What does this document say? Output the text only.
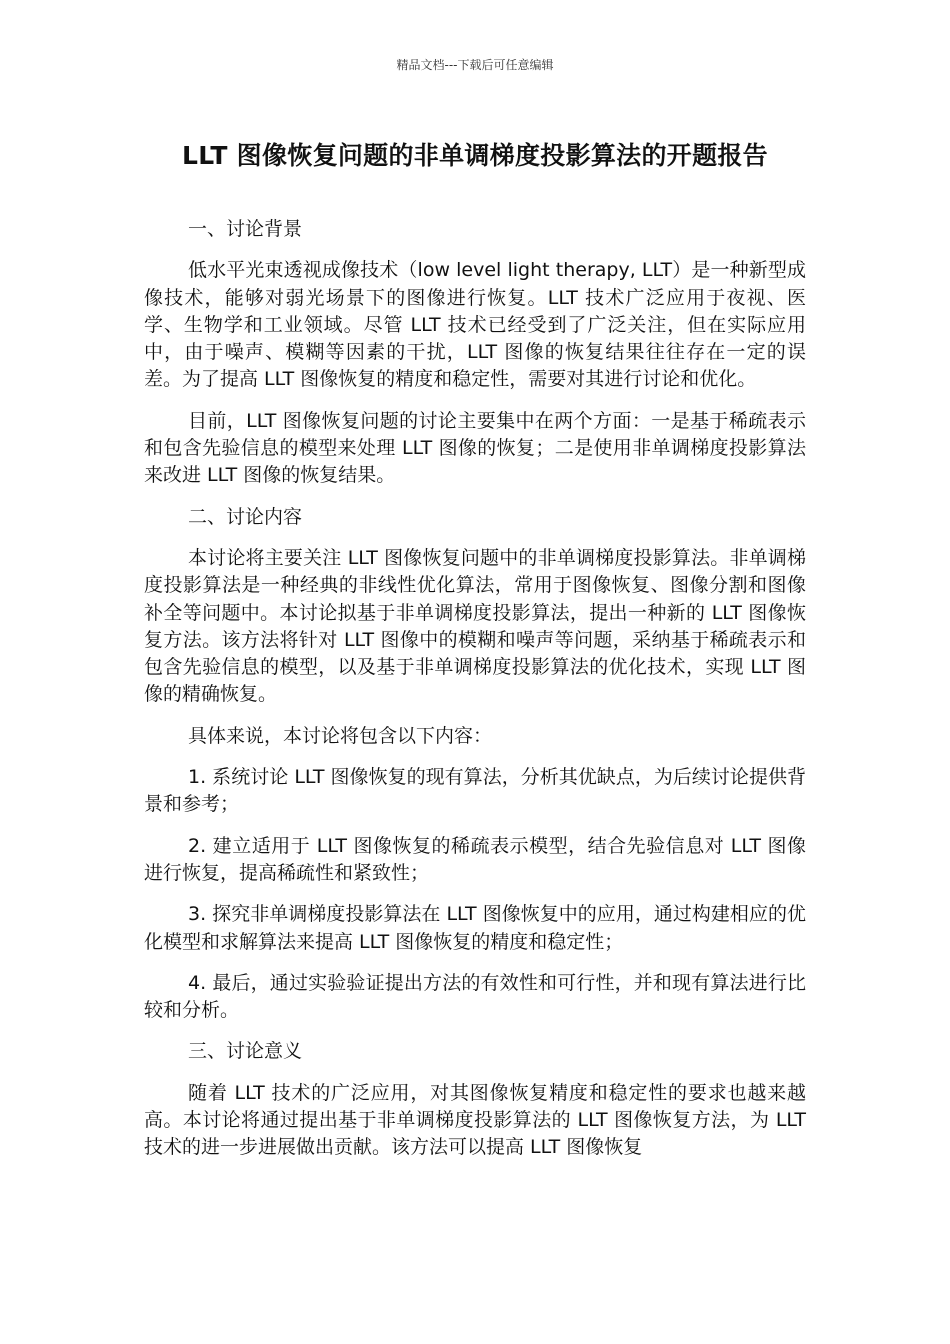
精品文档---下载后可任意编辑
LLT 图像恢复问题的非单调梯度投影算法的开题报告

一、讨论背景

低水平光束透视成像技术（low level light therapy, LLT）是一种新型成像技术，能够对弱光场景下的图像进行恢复。LLT 技术广泛应用于夜视、医学、生物学和工业领域。尽管 LLT 技术已经受到了广泛关注，但在实际应用中，由于噪声、模糊等因素的干扰，LLT 图像的恢复结果往往存在一定的误差。为了提高 LLT 图像恢复的精度和稳定性，需要对其进行讨论和优化。

目前，LLT 图像恢复问题的讨论主要集中在两个方面：一是基于稀疏表示和包含先验信息的模型来处理 LLT 图像的恢复；二是使用非单调梯度投影算法来改进 LLT 图像的恢复结果。

二、讨论内容

本讨论将主要关注 LLT 图像恢复问题中的非单调梯度投影算法。非单调梯度投影算法是一种经典的非线性优化算法，常用于图像恢复、图像分割和图像补全等问题中。本讨论拟基于非单调梯度投影算法，提出一种新的 LLT 图像恢复方法。该方法将针对 LLT 图像中的模糊和噪声等问题，采纳基于稀疏表示和包含先验信息的模型，以及基于非单调梯度投影算法的优化技术，实现 LLT 图像的精确恢复。

具体来说，本讨论将包含以下内容：

1. 系统讨论 LLT 图像恢复的现有算法，分析其优缺点，为后续讨论提供背景和参考；

2. 建立适用于 LLT 图像恢复的稀疏表示模型，结合先验信息对 LLT 图像进行恢复，提高稀疏性和紧致性；

3. 探究非单调梯度投影算法在 LLT 图像恢复中的应用，通过构建相应的优化模型和求解算法来提高 LLT 图像恢复的精度和稳定性；

4. 最后，通过实验验证提出方法的有效性和可行性，并和现有算法进行比较和分析。

三、讨论意义

随着 LLT 技术的广泛应用，对其图像恢复精度和稳定性的要求也越来越高。本讨论将通过提出基于非单调梯度投影算法的 LLT 图像恢复方法，为 LLT 技术的进一步进展做出贡献。该方法可以提高 LLT 图像恢复
